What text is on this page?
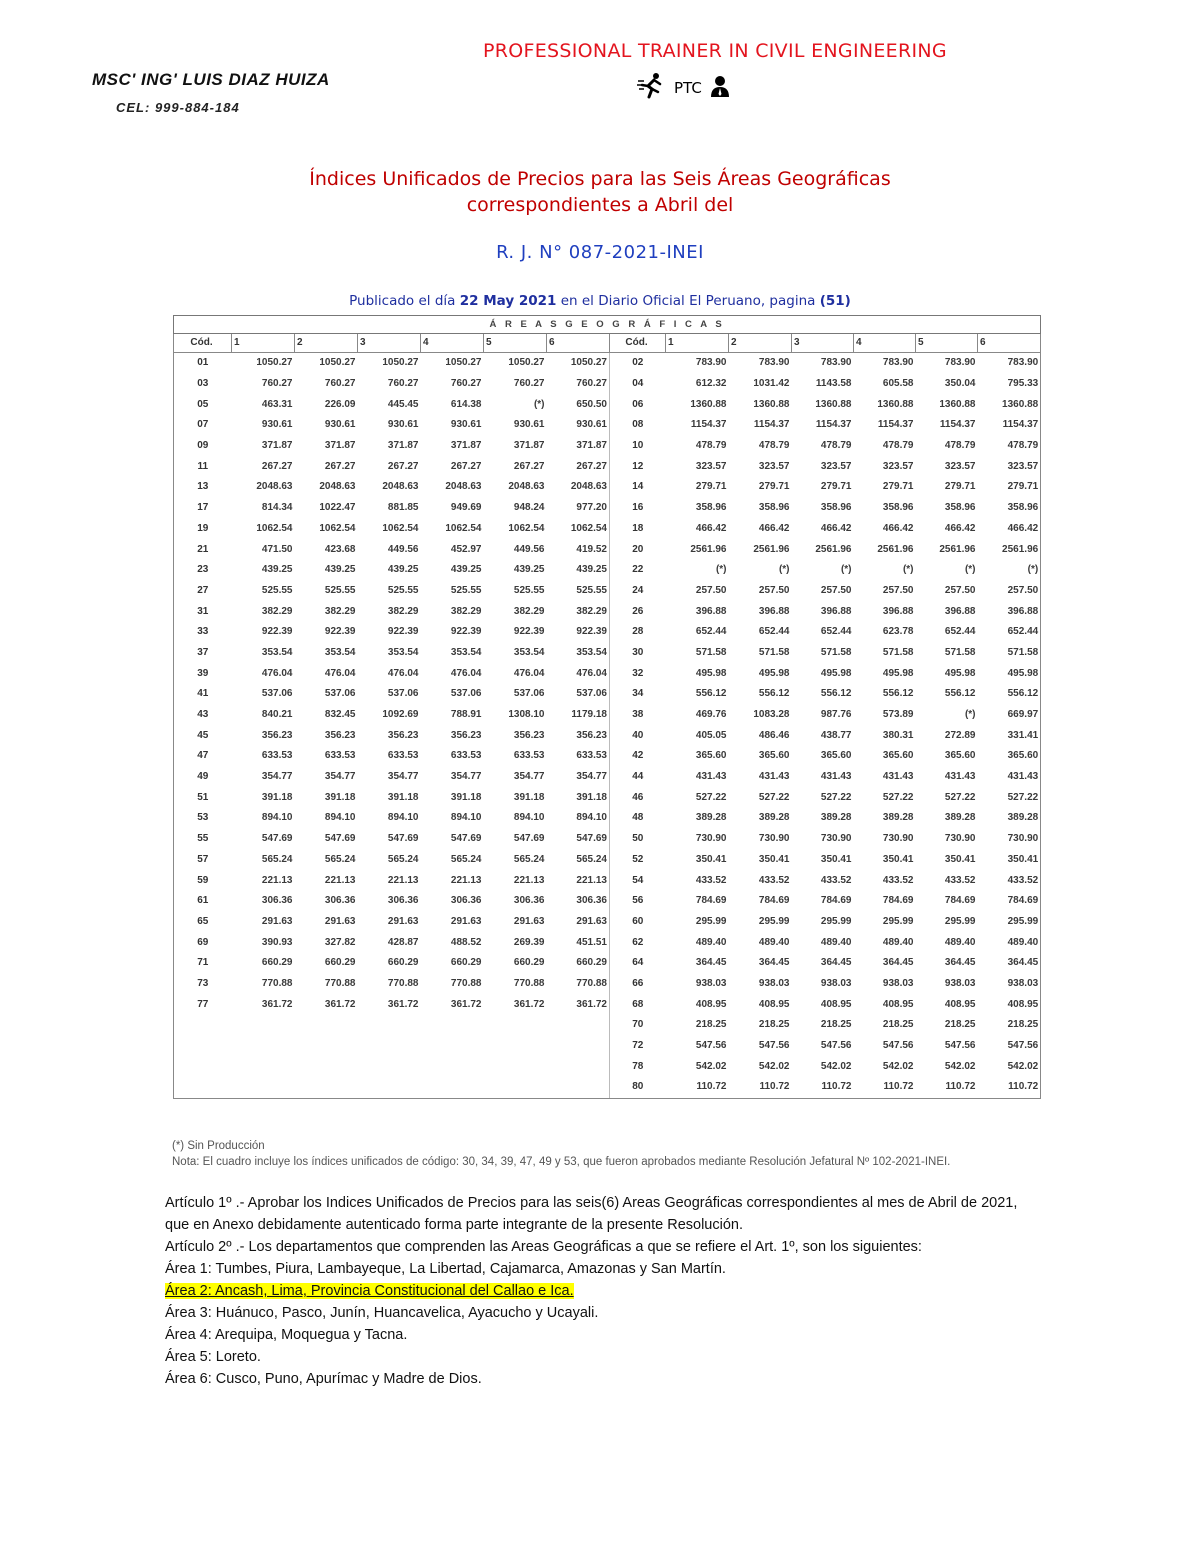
MSC' ING' LUIS DIAZ HUIZA
CEL: 999-884-184
PROFESSIONAL TRAINER IN CIVIL ENGINEERING
PTC
Índices Unificados de Precios para las Seis Áreas Geográficas
correspondientes a Abril del
R. J. N° 087-2021-INEI
Publicado el día 22 May 2021 en el Diario Oficial El Peruano, pagina (51)
Á R E A S G E O G R Á F I C A S													
Cód.	1	2	3	4	5	6	Cód.	1	2	3	4	5	6
01	1050.27	1050.27	1050.27	1050.27	1050.27	1050.27	02	783.90	783.90	783.90	783.90	783.90	783.90
03	760.27	760.27	760.27	760.27	760.27	760.27	04	612.32	1031.42	1143.58	605.58	350.04	795.33
05	463.31	226.09	445.45	614.38	(*)	650.50	06	1360.88	1360.88	1360.88	1360.88	1360.88	1360.88
07	930.61	930.61	930.61	930.61	930.61	930.61	08	1154.37	1154.37	1154.37	1154.37	1154.37	1154.37
09	371.87	371.87	371.87	371.87	371.87	371.87	10	478.79	478.79	478.79	478.79	478.79	478.79
11	267.27	267.27	267.27	267.27	267.27	267.27	12	323.57	323.57	323.57	323.57	323.57	323.57
13	2048.63	2048.63	2048.63	2048.63	2048.63	2048.63	14	279.71	279.71	279.71	279.71	279.71	279.71
17	814.34	1022.47	881.85	949.69	948.24	977.20	16	358.96	358.96	358.96	358.96	358.96	358.96
19	1062.54	1062.54	1062.54	1062.54	1062.54	1062.54	18	466.42	466.42	466.42	466.42	466.42	466.42
21	471.50	423.68	449.56	452.97	449.56	419.52	20	2561.96	2561.96	2561.96	2561.96	2561.96	2561.96
23	439.25	439.25	439.25	439.25	439.25	439.25	22	(*)	(*)	(*)	(*)	(*)	(*)
27	525.55	525.55	525.55	525.55	525.55	525.55	24	257.50	257.50	257.50	257.50	257.50	257.50
31	382.29	382.29	382.29	382.29	382.29	382.29	26	396.88	396.88	396.88	396.88	396.88	396.88
33	922.39	922.39	922.39	922.39	922.39	922.39	28	652.44	652.44	652.44	623.78	652.44	652.44
37	353.54	353.54	353.54	353.54	353.54	353.54	30	571.58	571.58	571.58	571.58	571.58	571.58
39	476.04	476.04	476.04	476.04	476.04	476.04	32	495.98	495.98	495.98	495.98	495.98	495.98
41	537.06	537.06	537.06	537.06	537.06	537.06	34	556.12	556.12	556.12	556.12	556.12	556.12
43	840.21	832.45	1092.69	788.91	1308.10	1179.18	38	469.76	1083.28	987.76	573.89	(*)	669.97
45	356.23	356.23	356.23	356.23	356.23	356.23	40	405.05	486.46	438.77	380.31	272.89	331.41
47	633.53	633.53	633.53	633.53	633.53	633.53	42	365.60	365.60	365.60	365.60	365.60	365.60
49	354.77	354.77	354.77	354.77	354.77	354.77	44	431.43	431.43	431.43	431.43	431.43	431.43
51	391.18	391.18	391.18	391.18	391.18	391.18	46	527.22	527.22	527.22	527.22	527.22	527.22
53	894.10	894.10	894.10	894.10	894.10	894.10	48	389.28	389.28	389.28	389.28	389.28	389.28
55	547.69	547.69	547.69	547.69	547.69	547.69	50	730.90	730.90	730.90	730.90	730.90	730.90
57	565.24	565.24	565.24	565.24	565.24	565.24	52	350.41	350.41	350.41	350.41	350.41	350.41
59	221.13	221.13	221.13	221.13	221.13	221.13	54	433.52	433.52	433.52	433.52	433.52	433.52
61	306.36	306.36	306.36	306.36	306.36	306.36	56	784.69	784.69	784.69	784.69	784.69	784.69
65	291.63	291.63	291.63	291.63	291.63	291.63	60	295.99	295.99	295.99	295.99	295.99	295.99
69	390.93	327.82	428.87	488.52	269.39	451.51	62	489.40	489.40	489.40	489.40	489.40	489.40
71	660.29	660.29	660.29	660.29	660.29	660.29	64	364.45	364.45	364.45	364.45	364.45	364.45
73	770.88	770.88	770.88	770.88	770.88	770.88	66	938.03	938.03	938.03	938.03	938.03	938.03
77	361.72	361.72	361.72	361.72	361.72	361.72	68	408.95	408.95	408.95	408.95	408.95	408.95
							70	218.25	218.25	218.25	218.25	218.25	218.25
							72	547.56	547.56	547.56	547.56	547.56	547.56
							78	542.02	542.02	542.02	542.02	542.02	542.02
							80	110.72	110.72	110.72	110.72	110.72	110.72
(*) Sin Producción
Nota: El cuadro incluye los índices unificados de código: 30, 34, 39, 47, 49 y 53, que fueron aprobados mediante Resolución Jefatural Nº 102-2021-INEI.

Artículo 1º .- Aprobar los Indices Unificados de Precios para las seis(6) Areas Geográficas correspondientes al mes de Abril de 2021, que en Anexo debidamente autenticado forma parte integrante de la presente Resolución.

Artículo 2º .- Los departamentos que comprenden las Areas Geográficas a que se refiere el Art. 1º, son los siguientes:

Área 1: Tumbes, Piura, Lambayeque, La Libertad, Cajamarca, Amazonas y San Martín.

Área 2: Ancash, Lima, Provincia Constitucional del Callao e Ica.

Área 3: Huánuco, Pasco, Junín, Huancavelica, Ayacucho y Ucayali.

Área 4: Arequipa, Moquegua y Tacna.

Área 5: Loreto.

Área 6: Cusco, Puno, Apurímac y Madre de Dios.
